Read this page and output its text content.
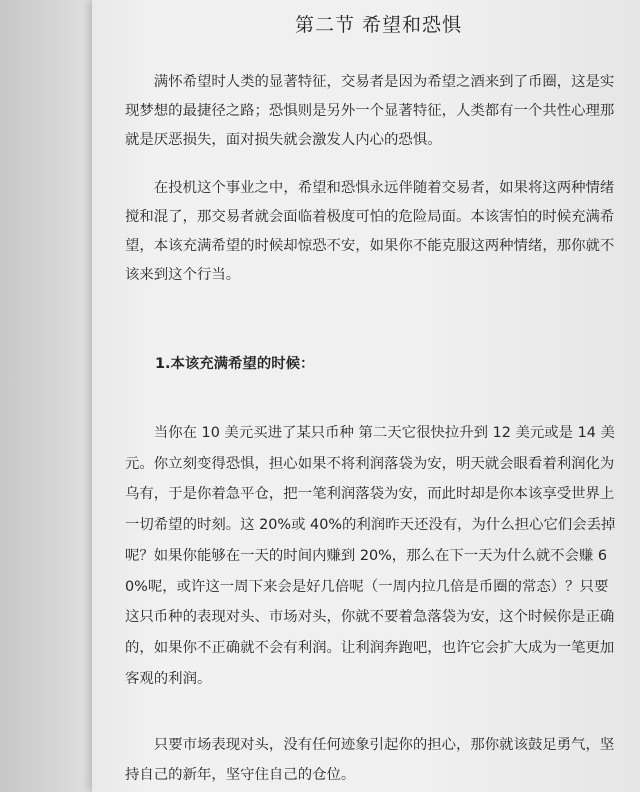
第二节 希望和恐惧

满怀希望时人类的显著特征，交易者是因为希望之酒来到了币圈，这是实现梦想的最捷径之路；恐惧则是另外一个显著特征，人类都有一个共性心理那就是厌恶损失，面对损失就会激发人内心的恐惧。

在投机这个事业之中，希望和恐惧永远伴随着交易者，如果将这两种情绪搅和混了，那交易者就会面临着极度可怕的危险局面。本该害怕的时候充满希望，本该充满希望的时候却惊恐不安，如果你不能克服这两种情绪，那你就不该来到这个行当。

1.本该充满希望的时候：

当你在 10 美元买进了某只币种 第二天它很快拉升到 12 美元或是 14 美元。你立刻变得恐惧，担心如果不将利润落袋为安，明天就会眼看着利润化为乌有，于是你着急平仓，把一笔利润落袋为安，而此时却是你本该享受世界上一切希望的时刻。这 20%或 40%的利润昨天还没有，为什么担心它们会丢掉呢？如果你能够在一天的时间内赚到 20%，那么在下一天为什么就不会赚 60%呢，或许这一周下来会是好几倍呢（一周内拉几倍是币圈的常态）？只要这只币种的表现对头、市场对头，你就不要着急落袋为安，这个时候你是正确的，如果你不正确就不会有利润。让利润奔跑吧，也许它会扩大成为一笔更加客观的利润。

只要市场表现对头，没有任何迹象引起你的担心，那你就该鼓足勇气，坚持自己的新年，坚守住自己的仓位。
